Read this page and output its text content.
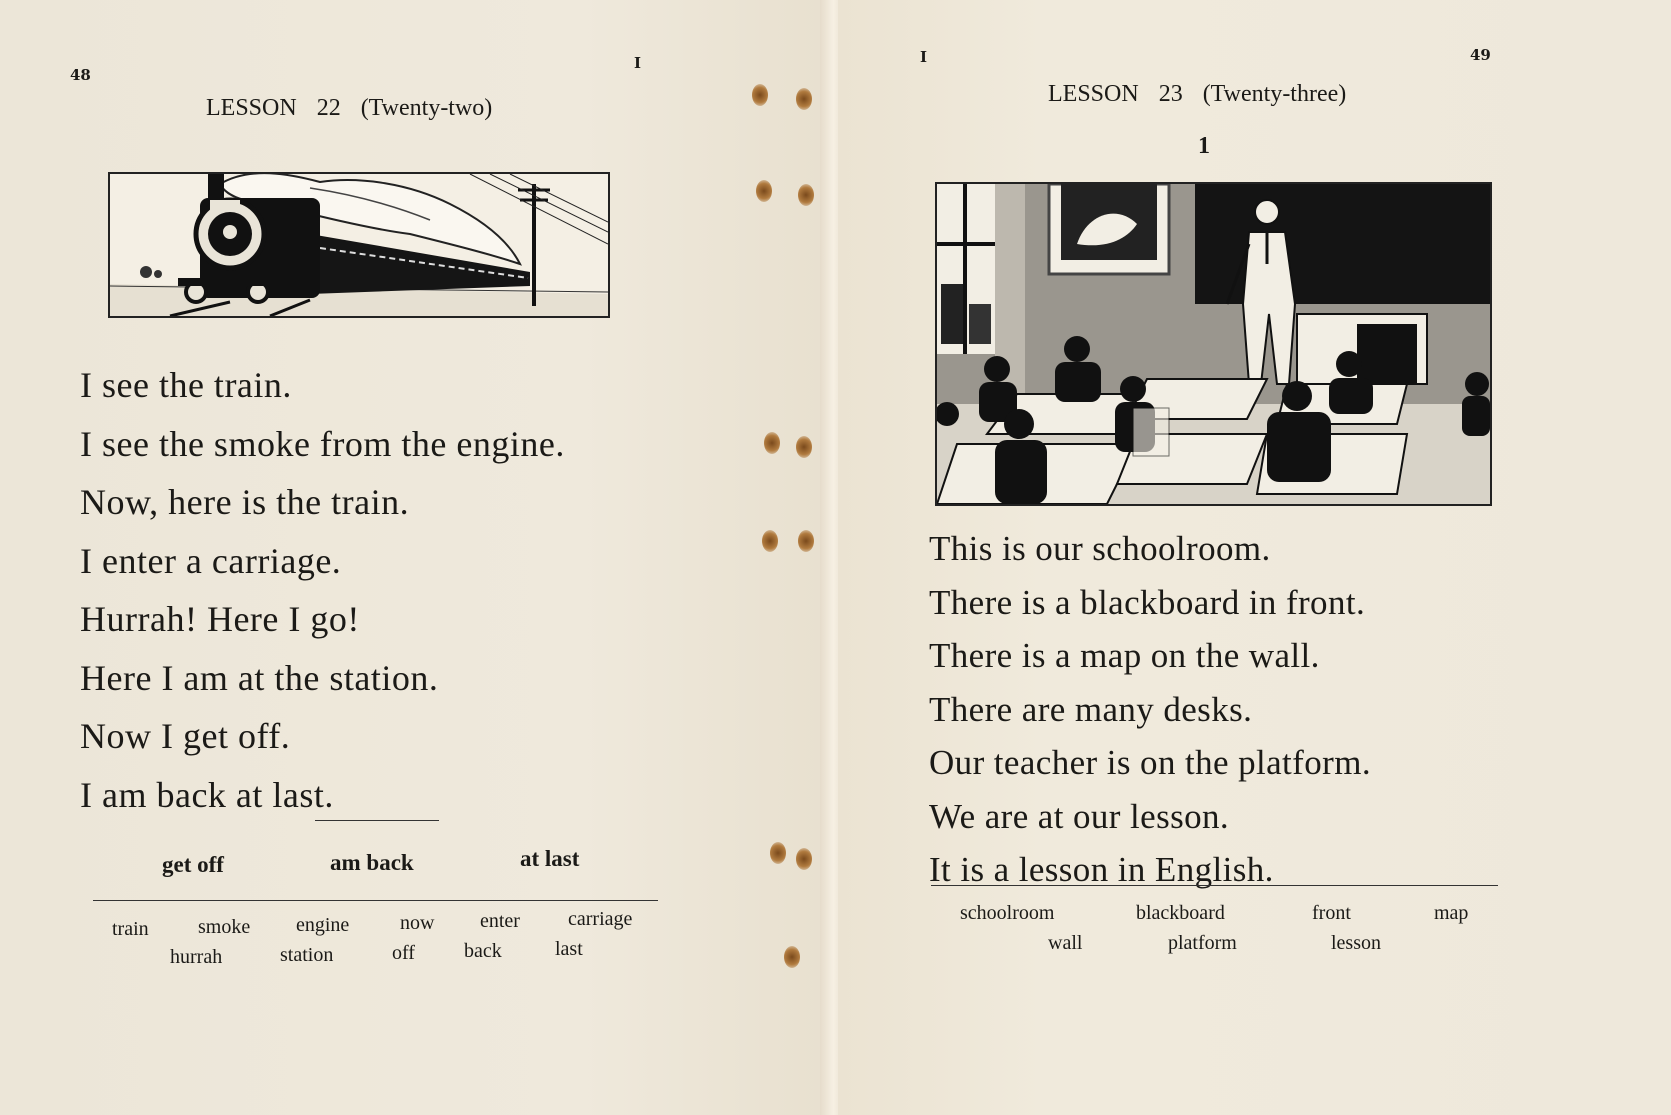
48
I
LESSON 22 (Twenty-two)
I see the train.
I see the smoke from the engine.
Now, here is the train.
I enter a carriage.
Hurrah! Here I go!
Here I am at the station.
Now I get off.
I am back at last.
get off	am back	at last
train smoke engine	now enter carriage
hurrah	station	off back	last
I	49
LESSON 23 (Twenty-three)
1
This is our schoolroom.
There is a blackboard in front.
There is a map on the wall.
There are many desks.
Our teacher is on the platform.
We are at our lesson.
It is a lesson in English.
schoolroom	blackboard	front	map
wall	platform	lesson
